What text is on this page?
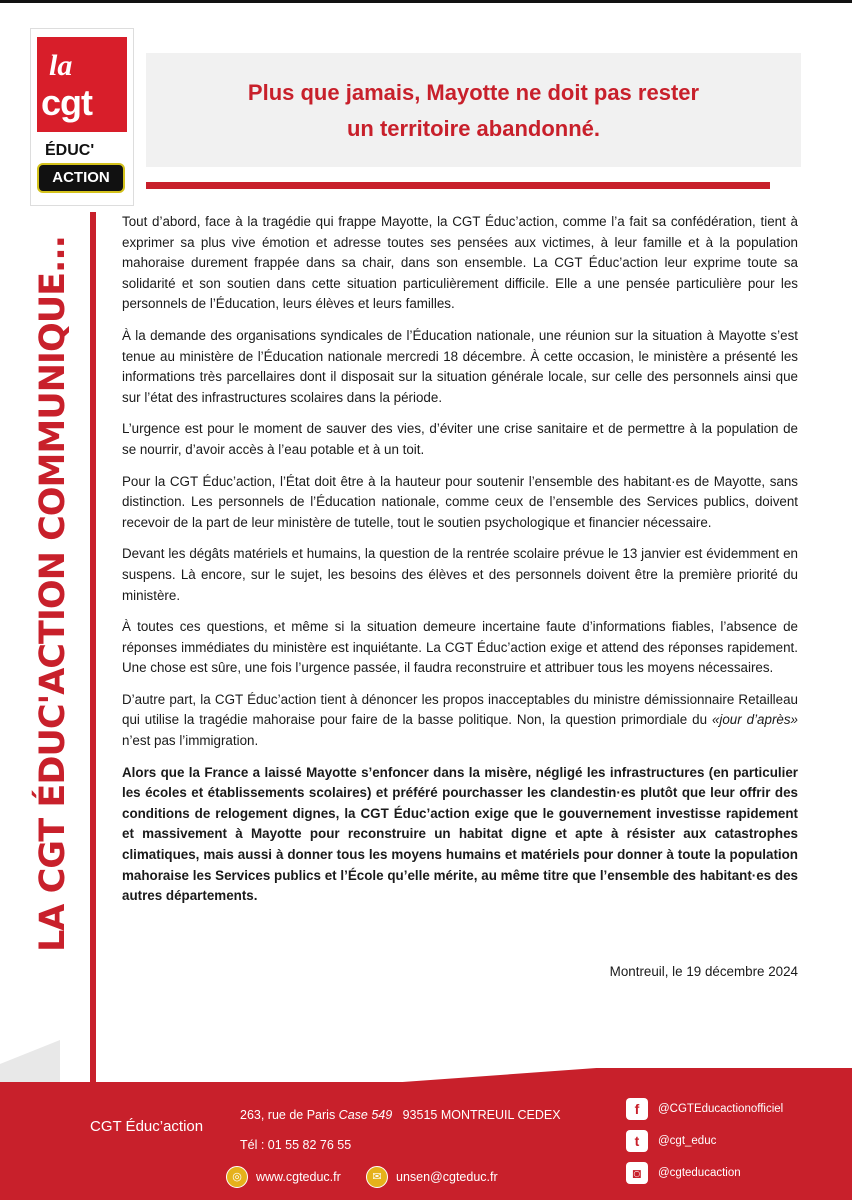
la
cgt
ÉDUC'
ACTION
Plus que jamais, Mayotte ne doit pas rester
un territoire abandonné.
LA CGT ÉDUC'ACTION COMMUNIQUE...

Tout d’abord, face à la tragédie qui frappe Mayotte, la CGT Éduc’action, comme l’a fait sa confédération, tient à exprimer sa plus vive émotion et adresse toutes ses pensées aux victimes, à leur famille et à la population mahoraise durement frappée dans sa chair, dans son ensemble. La CGT Éduc’action leur exprime toute sa solidarité et son soutien dans cette situation particulièrement difficile. Elle a une pensée particulière pour les personnels de l’Éducation, leurs élèves et leurs familles.

À la demande des organisations syndicales de l’Éducation nationale, une réunion sur la situation à Mayotte s’est tenue au ministère de l’Éducation nationale mercredi 18 décembre. À cette occasion, le ministère a présenté les informations très parcellaires dont il disposait sur la situation générale locale, sur celle des personnels ainsi que sur l’état des infrastructures scolaires dans la période.

L’urgence est pour le moment de sauver des vies, d’éviter une crise sanitaire et de permettre à la population de se nourrir, d’avoir accès à l’eau potable et à un toit.

Pour la CGT Éduc’action, l’État doit être à la hauteur pour soutenir l’ensemble des habitant·es de Mayotte, sans distinction. Les personnels de l’Éducation nationale, comme ceux de l’ensemble des Services publics, doivent recevoir de la part de leur ministère de tutelle, tout le soutien psychologique et financier nécessaire.

Devant les dégâts matériels et humains, la question de la rentrée scolaire prévue le 13 janvier est évidemment en suspens. Là encore, sur le sujet, les besoins des élèves et des personnels doivent être la première priorité du ministère.

À toutes ces questions, et même si la situation demeure incertaine faute d’informations fiables, l’absence de réponses immédiates du ministère est inquiétante. La CGT Éduc’action exige et attend des réponses rapidement. Une chose est sûre, une fois l’urgence passée, il faudra reconstruire et attribuer tous les moyens nécessaires.

D’autre part, la CGT Éduc’action tient à dénoncer les propos inacceptables du ministre démissionnaire Retailleau qui utilise la tragédie mahoraise pour faire de la basse politique. Non, la question primordiale du «jour d’après» n’est pas l’immigration.

Alors que la France a laissé Mayotte s’enfoncer dans la misère, négligé les infrastructures (en particulier les écoles et établissements scolaires) et préféré pourchasser les clandestin·es plutôt que leur offrir des conditions de relogement dignes, la CGT Éduc’action exige que le gouvernement investisse rapidement et massivement à Mayotte pour reconstruire un habitat digne et apte à résister aux catastrophes climatiques, mais aussi à donner tous les moyens humains et matériels pour donner à toute la population mahoraise les Services publics et l’École qu’elle mérite, au même titre que l’ensemble des habitant·es des autres départements.

Montreuil, le 19 décembre 2024
CGT Éduc’action
263, rue de Paris Case 549 93515 MONTREUIL CEDEX
Tél : 01 55 82 76 55
◎	www.cgteduc.fr	✉	unsen@cgteduc.fr
f	@CGTEducactionofficiel
t	@cgt_educ
◙	@cgteducaction
